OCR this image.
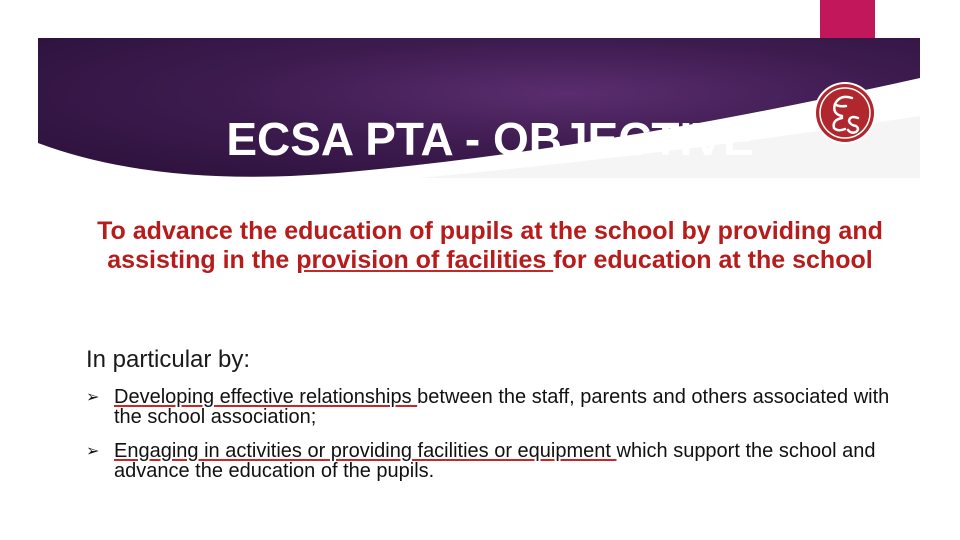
ECSA PTA - OBJECTIVE

To advance the education of pupils at the school by providing and assisting in the provision of facilities for education at the school

In particular by:

➢ Developing effective relationships between the staff, parents and others associated with the school association;
➢ Engaging in activities or providing facilities or equipment which support the school and advance the education of the pupils.
